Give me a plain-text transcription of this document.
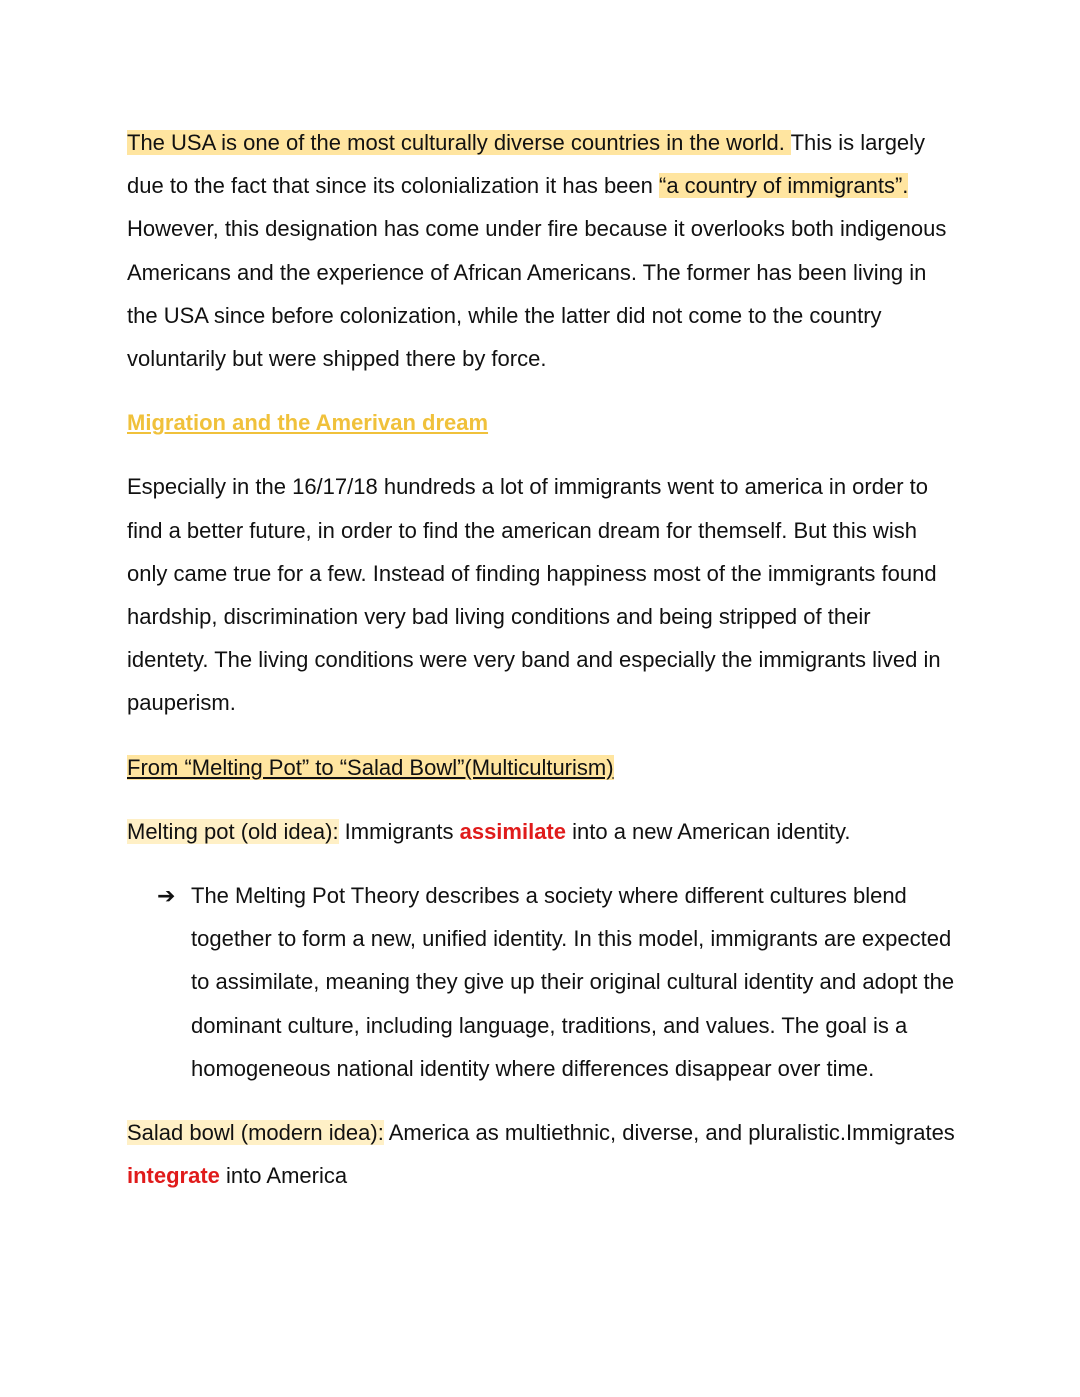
The USA is one of the most culturally diverse countries in the world. This is largely due to the fact that since its colonialization it has been “a country of immigrants”. However, this designation has come under fire because it overlooks both indigenous Americans and the experience of African Americans. The former has been living in the USA since before colonization, while the latter did not come to the country voluntarily but were shipped there by force.

Migration and the Amerivan dream

Especially in the 16/17/18 hundreds a lot of immigrants went to america in order to find a better future, in order to find the american dream for themself. But this wish only came true for a few. Instead of finding happiness most of the immigrants found hardship, discrimination very bad living conditions and being stripped of their identety. The living conditions were very band and especially the immigrants lived in pauperism.

From “Melting Pot” to “Salad Bowl”(Multiculturism)

Melting pot (old idea): Immigrants assimilate into a new American identity.

➔ The Melting Pot Theory describes a society where different cultures blend together to form a new, unified identity. In this model, immigrants are expected to assimilate, meaning they give up their original cultural identity and adopt the dominant culture, including language, traditions, and values. The goal is a homogeneous national identity where differences disappear over time.

Salad bowl (modern idea): America as multiethnic, diverse, and pluralistic.Immigrates integrate into America
